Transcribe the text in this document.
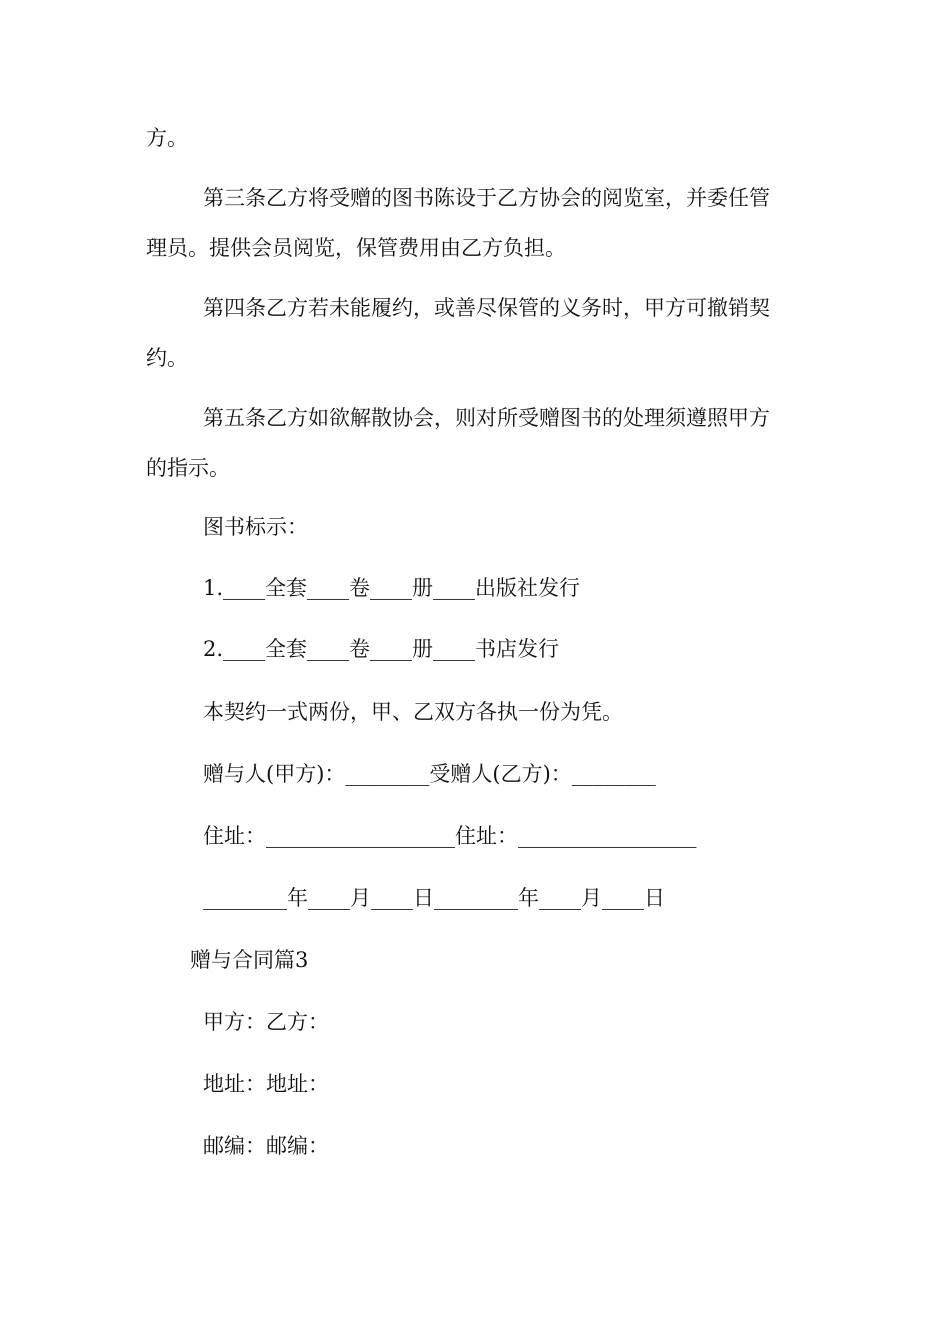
方。
第三条乙方将受赠的图书陈设于乙方协会的阅览室，并委任管
理员。提供会员阅览，保管费用由乙方负担。
第四条乙方若未能履约，或善尽保管的义务时，甲方可撤销契
约。
第五条乙方如欲解散协会，则对所受赠图书的处理须遵照甲方
的指示。
图书标示：
1.____全套____卷____册____出版社发行
2.____全套____卷____册____书店发行
本契约一式两份，甲、乙双方各执一份为凭。
赠与人(甲方)：________受赠人(乙方)：________
住址：__________________住址：_________________
________年____月____日________年____月____日
赠与合同篇3
甲方：乙方：
地址：地址：
邮编：邮编：
